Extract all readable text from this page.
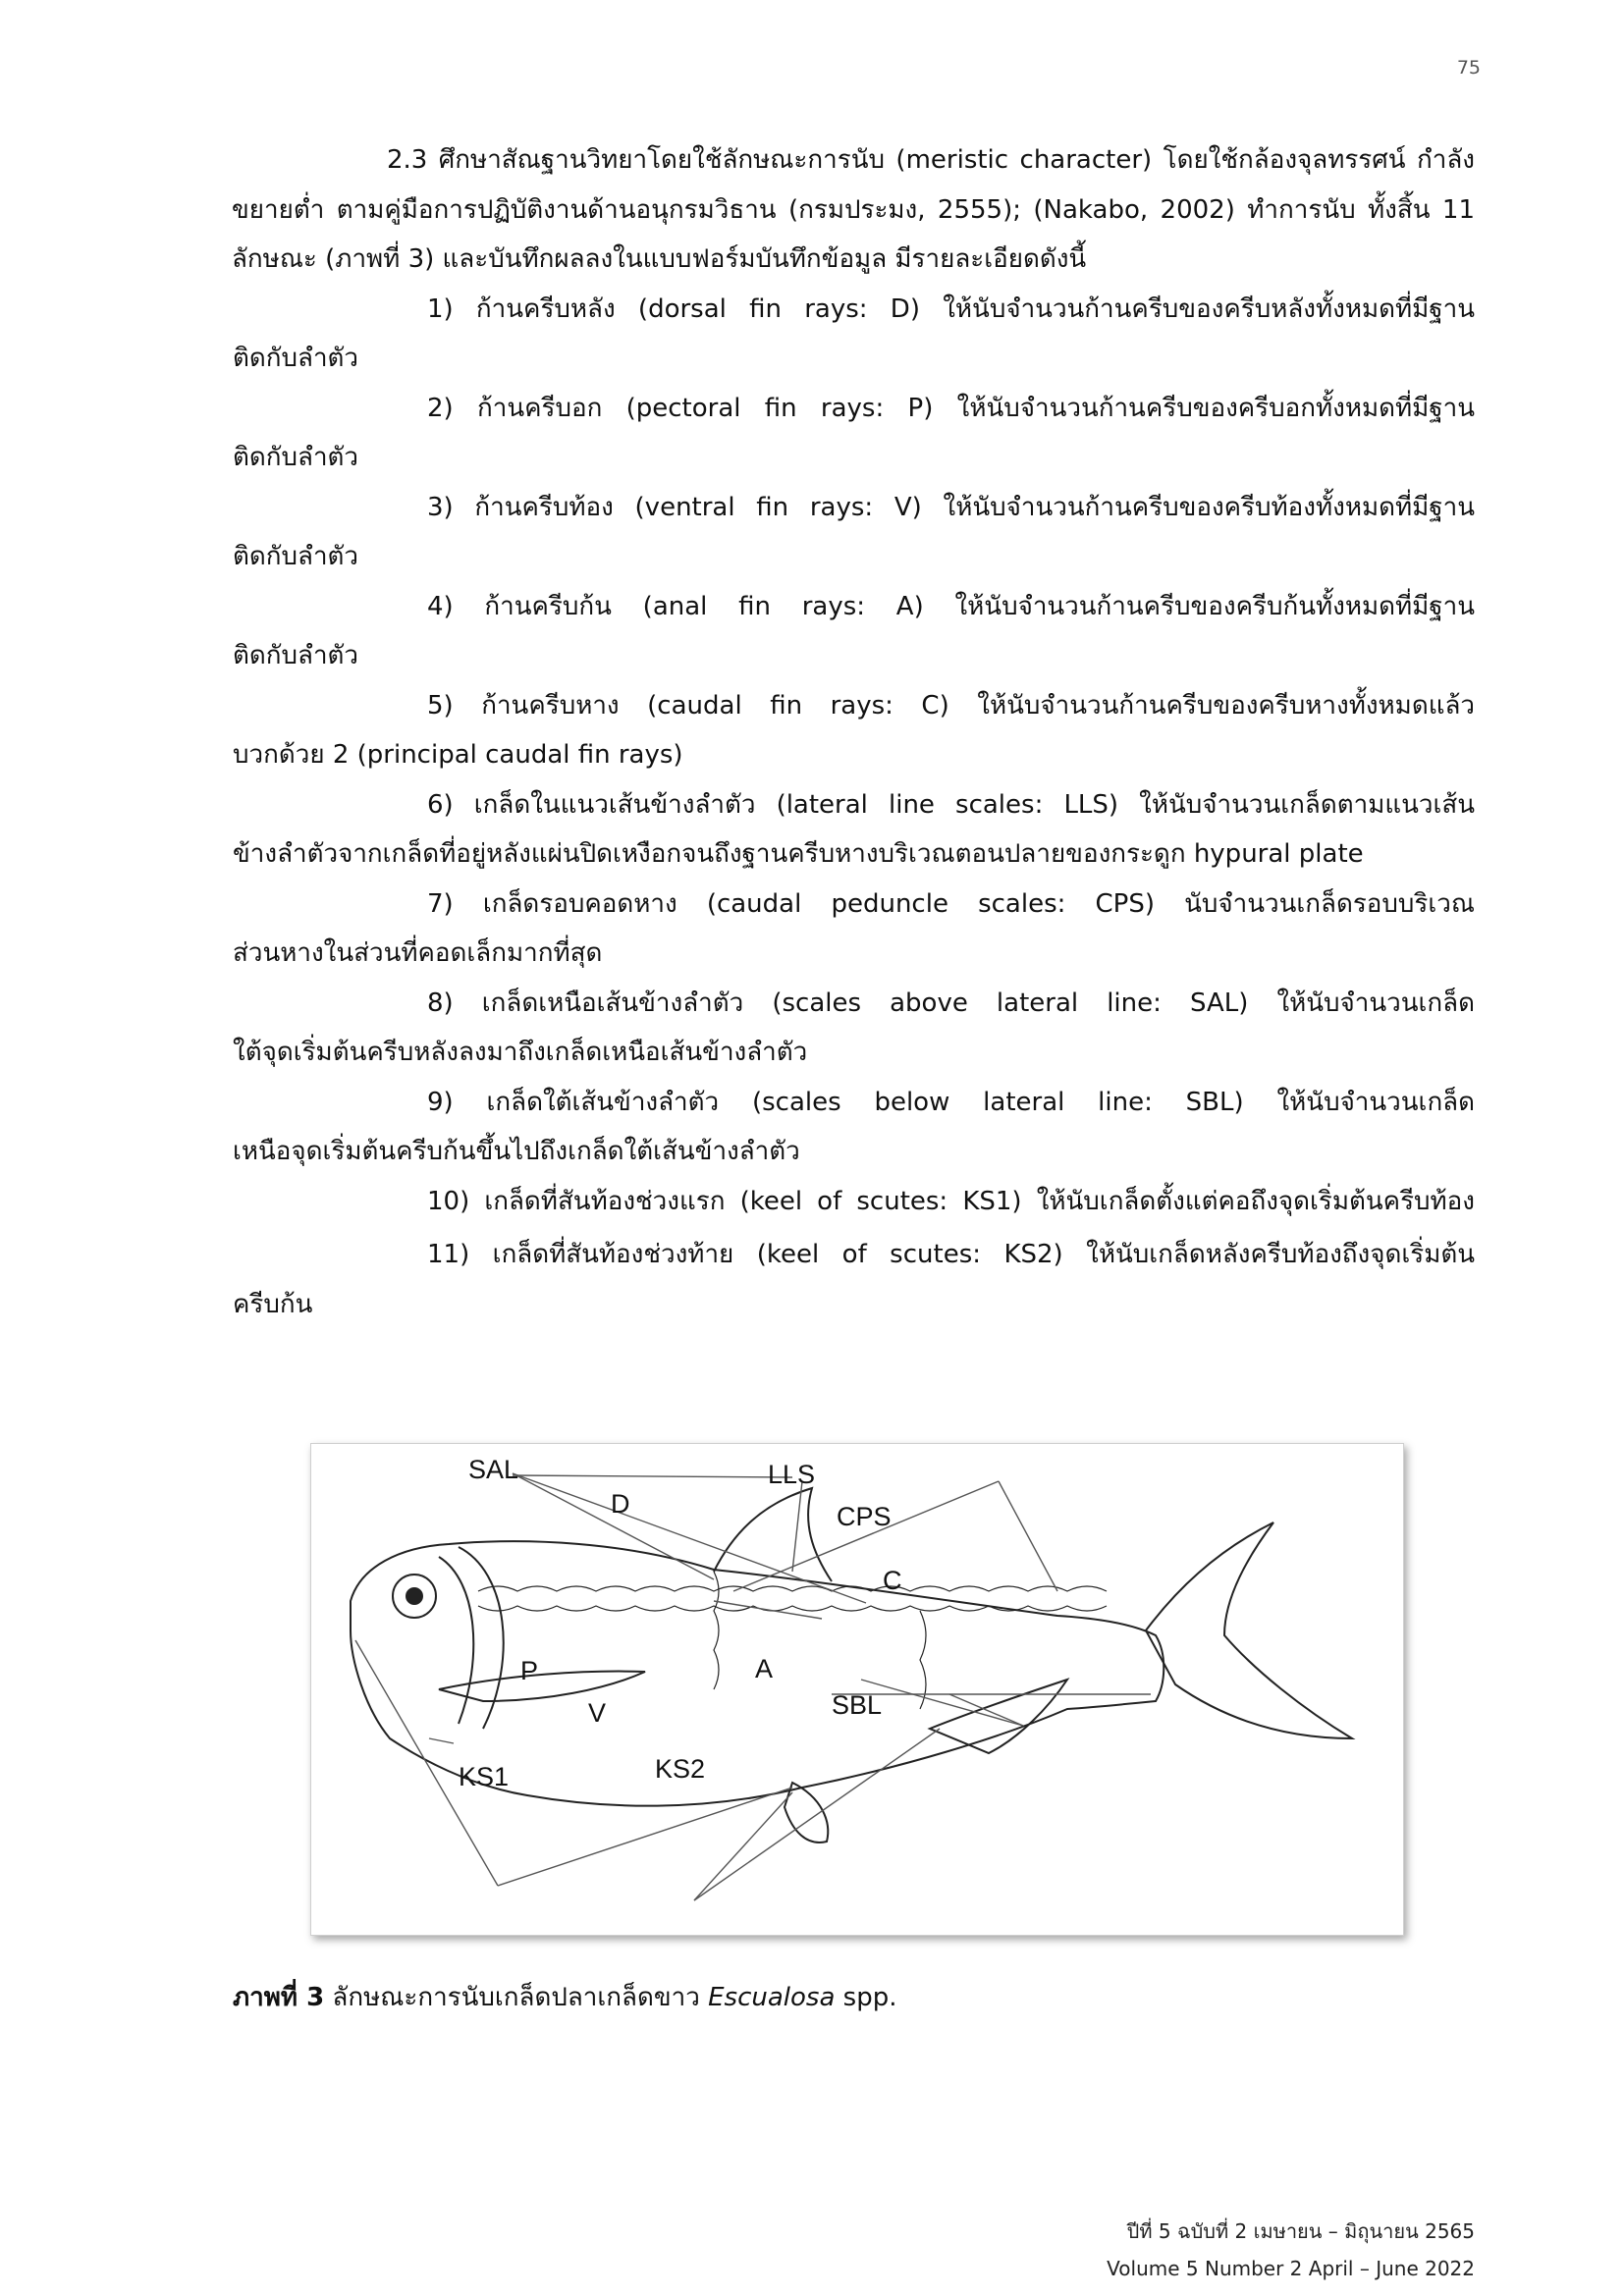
75

2.3 ศึกษาสัณฐานวิทยาโดยใช้ลักษณะการนับ (meristic character) โดยใช้กล้องจุลทรรศน์ กำลังขยายต่ำ ตามคู่มือการปฏิบัติงานด้านอนุกรมวิธาน (กรมประมง, 2555); (Nakabo, 2002) ทำการนับ ทั้งสิ้น 11 ลักษณะ (ภาพที่ 3) และบันทึกผลลงในแบบฟอร์มบันทึกข้อมูล มีรายละเอียดดังนี้

1) ก้านครีบหลัง (dorsal fin rays: D) ให้นับจำนวนก้านครีบของครีบหลังทั้งหมดที่มีฐาน
ติดกับลำตัว
2) ก้านครีบอก (pectoral fin rays: P) ให้นับจำนวนก้านครีบของครีบอกทั้งหมดที่มีฐาน
ติดกับลำตัว
3) ก้านครีบท้อง (ventral fin rays: V) ให้นับจำนวนก้านครีบของครีบท้องทั้งหมดที่มีฐาน
ติดกับลำตัว
4) ก้านครีบก้น (anal fin rays: A) ให้นับจำนวนก้านครีบของครีบก้นทั้งหมดที่มีฐาน
ติดกับลำตัว
5) ก้านครีบหาง (caudal fin rays: C) ให้นับจำนวนก้านครีบของครีบหางทั้งหมดแล้ว
บวกด้วย 2 (principal caudal fin rays)
6) เกล็ดในแนวเส้นข้างลำตัว (lateral line scales: LLS) ให้นับจำนวนเกล็ดตามแนวเส้น
ข้างลำตัวจากเกล็ดที่อยู่หลังแผ่นปิดเหงือกจนถึงฐานครีบหางบริเวณตอนปลายของกระดูก hypural plate
7) เกล็ดรอบคอดหาง (caudal peduncle scales: CPS) นับจำนวนเกล็ดรอบบริเวณ
ส่วนหางในส่วนที่คอดเล็กมากที่สุด
8) เกล็ดเหนือเส้นข้างลำตัว (scales above lateral line: SAL) ให้นับจำนวนเกล็ด
ใต้จุดเริ่มต้นครีบหลังลงมาถึงเกล็ดเหนือเส้นข้างลำตัว
9) เกล็ดใต้เส้นข้างลำตัว (scales below lateral line: SBL) ให้นับจำนวนเกล็ด
เหนือจุดเริ่มต้นครีบก้นขึ้นไปถึงเกล็ดใต้เส้นข้างลำตัว
10) เกล็ดที่สันท้องช่วงแรก (keel of scutes: KS1) ให้นับเกล็ดตั้งแต่คอถึงจุดเริ่มต้นครีบท้อง
11) เกล็ดที่สันท้องช่วงท้าย (keel of scutes: KS2) ให้นับเกล็ดหลังครีบท้องถึงจุดเริ่มต้น
ครีบก้น
SAL
D
LLS
CPS
C
P	A
SBL
V
KS1	KS2
ภาพที่ 3 ลักษณะการนับเกล็ดปลาเกล็ดขาว Escualosa spp.
ปีที่ 5 ฉบับที่ 2 เมษายน – มิถุนายน 2565
Volume 5 Number 2 April – June 2022
